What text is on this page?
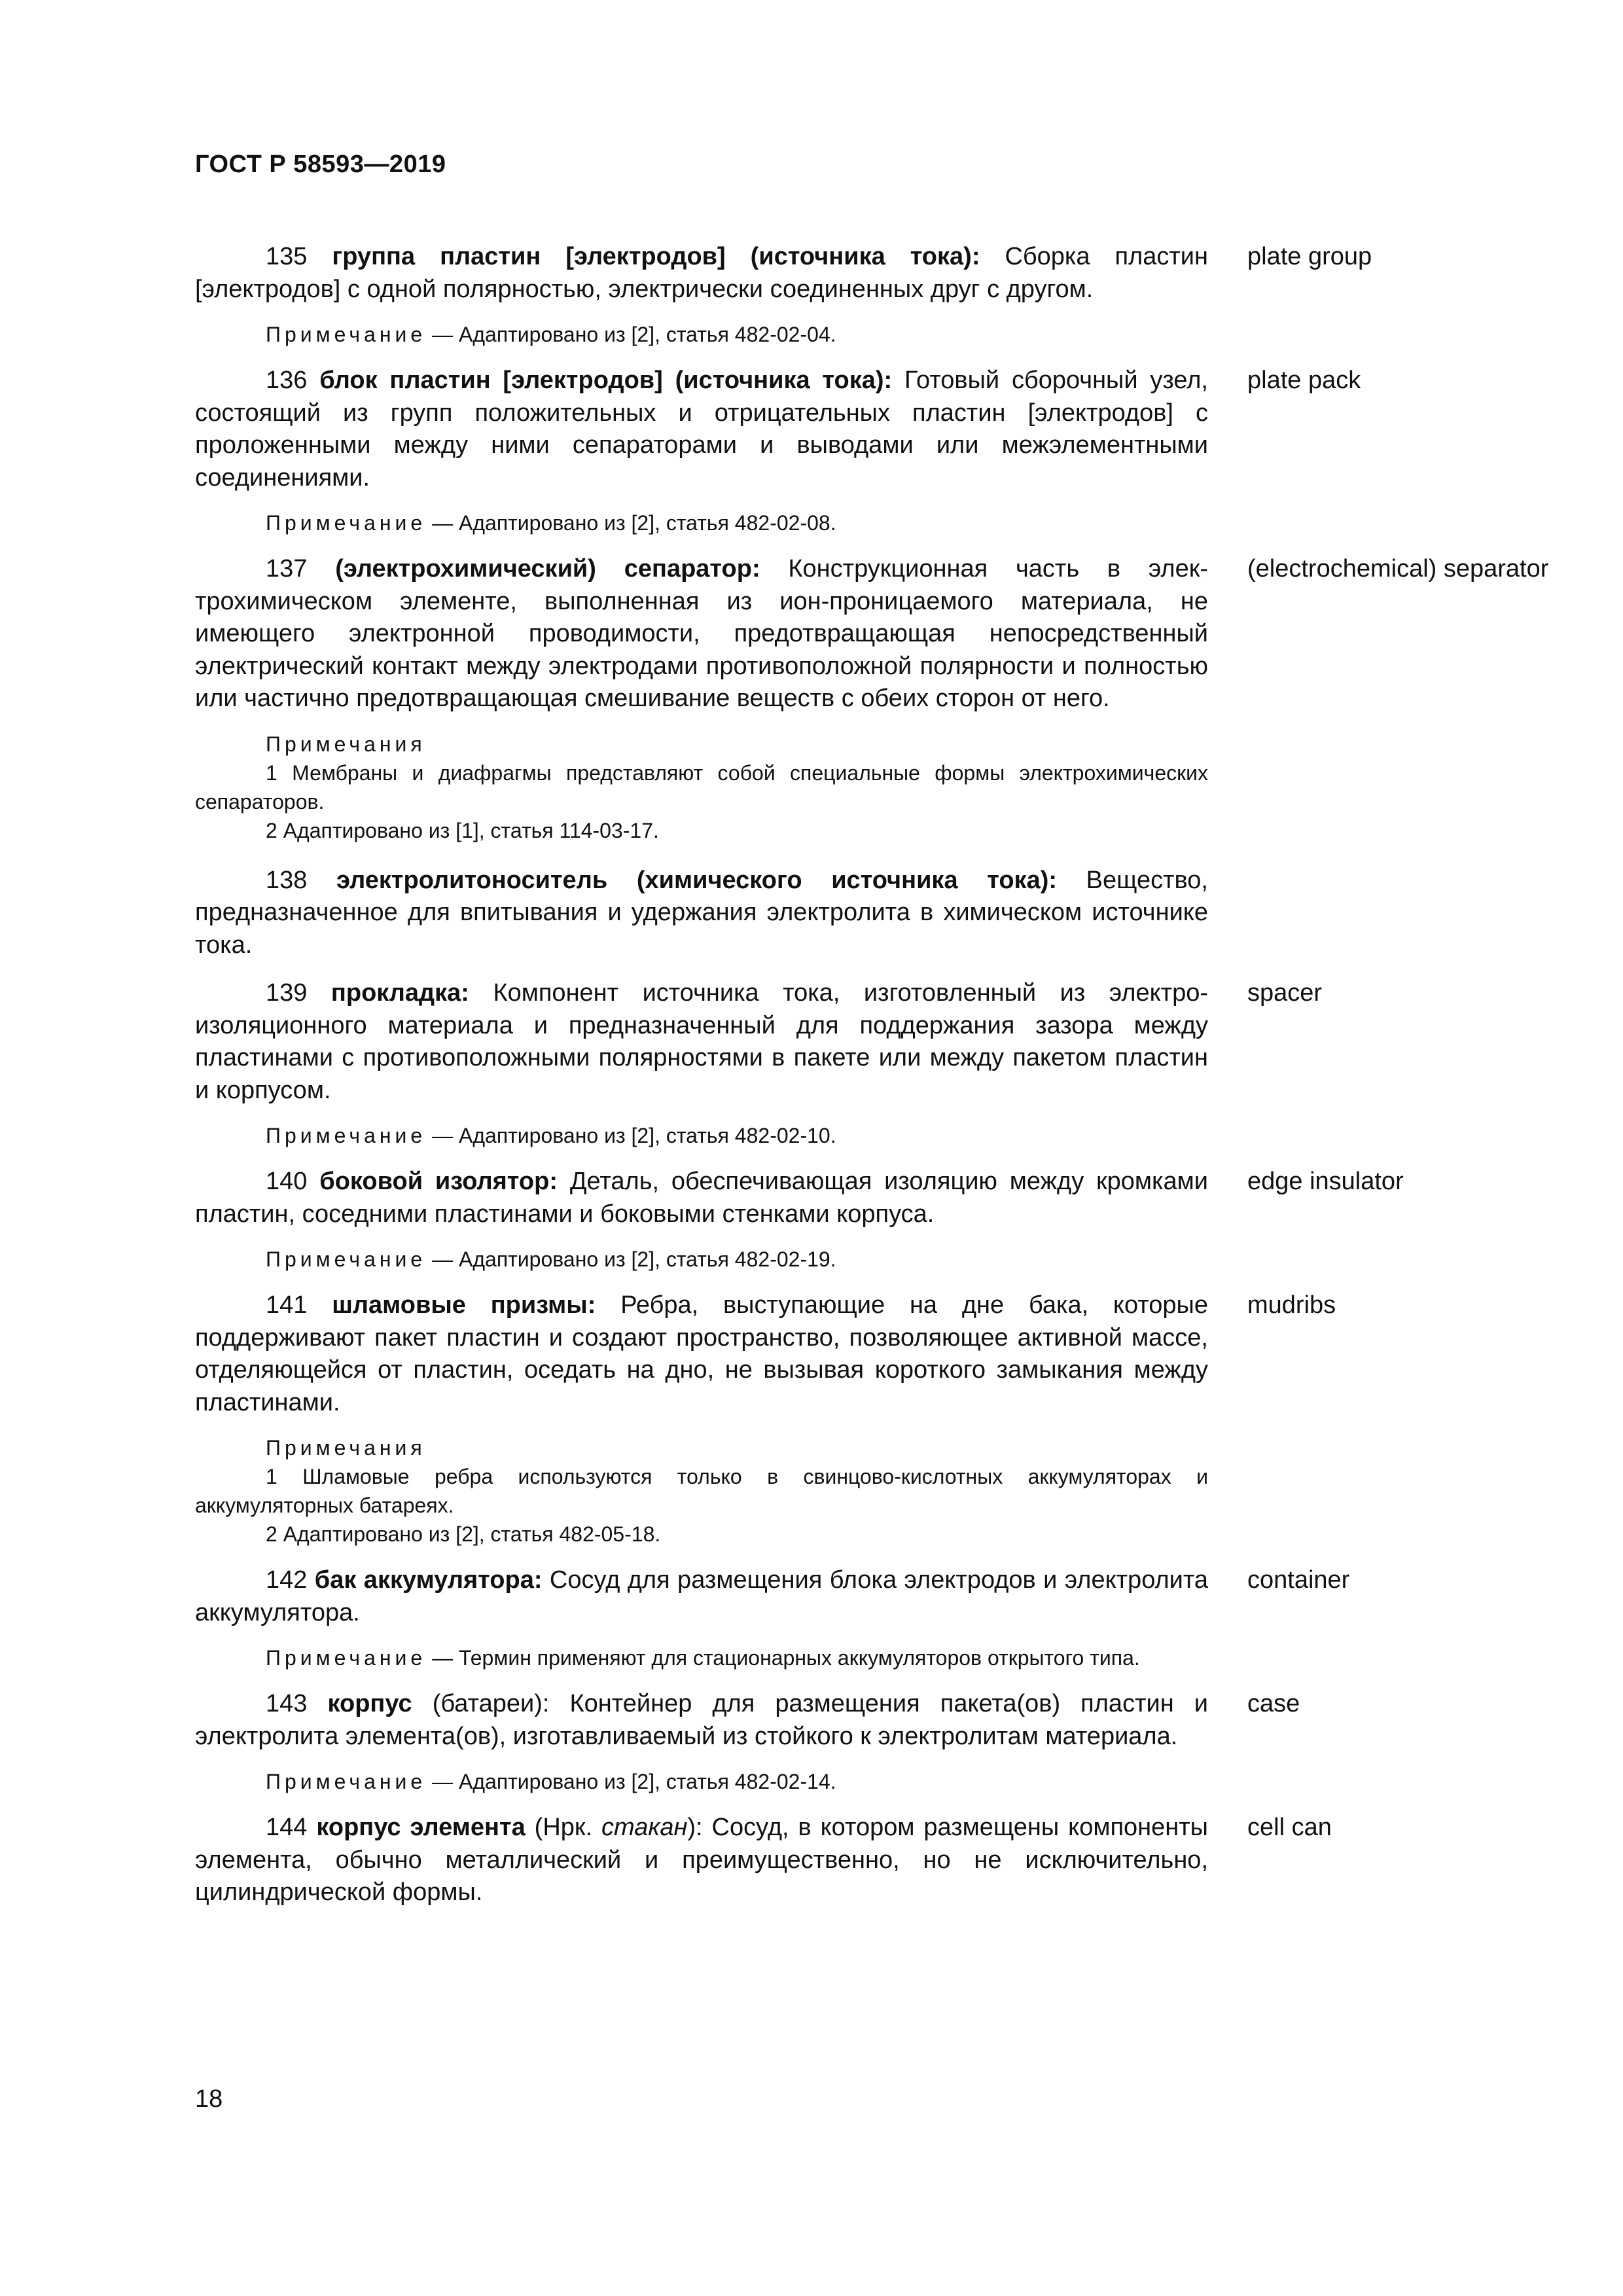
ГОСТ Р 58593—2019

135 группа пластин [электродов] (источника тока): Сборка пластин [электродов] с одной полярностью, электрически соединенных друг с другом.

plate group

Примечание — Адаптировано из [2], статья 482-02-04.

136 блок пластин [электродов] (источника тока): Готовый сборочный узел, состоящий из групп положительных и отрицательных пластин [электродов] с проложенными между ними сепараторами и выводами или межэлементными соединениями.

plate pack

Примечание — Адаптировано из [2], статья 482-02-08.

137 (электрохимический) сепаратор: Конструкционная часть в электрохимическом элементе, выполненная из ион-проницаемого материала, не имеющего электронной проводимости, предотвращающая непосредственный электрический контакт между электродами противоположной полярности и полностью или частично предотвращающая смешивание веществ с обеих сторон от него.

(electrochemical) separator

Примечания

1 Мембраны и диафрагмы представляют собой специальные формы электрохимических сепараторов.

2 Адаптировано из [1], статья 114-03-17.

138 электролитоноситель (химического источника тока): Вещество, предназначенное для впитывания и удержания электролита в химическом источнике тока.

139 прокладка: Компонент источника тока, изготовленный из электроизоляционного материала и предназначенный для поддержания зазора между пластинами с противоположными полярностями в пакете или между пакетом пластин и корпусом.

spacer

Примечание — Адаптировано из [2], статья 482-02-10.

140 боковой изолятор: Деталь, обеспечивающая изоляцию между кромками пластин, соседними пластинами и боковыми стенками корпуса.

edge insulator

Примечание — Адаптировано из [2], статья 482-02-19.

141 шламовые призмы: Ребра, выступающие на дне бака, которые поддерживают пакет пластин и создают пространство, позволяющее активной массе, отделяющейся от пластин, оседать на дно, не вызывая короткого замыкания между пластинами.

mudribs

Примечания

1 Шламовые ребра используются только в свинцово-кислотных аккумуляторах и аккумуляторных батареях.

2 Адаптировано из [2], статья 482-05-18.

142 бак аккумулятора: Сосуд для размещения блока электродов и электролита аккумулятора.

container

Примечание — Термин применяют для стационарных аккумуляторов открытого типа.

143 корпус (батареи): Контейнер для размещения пакета(ов) пластин и электролита элемента(ов), изготавливаемый из стойкого к электролитам материала.

case

Примечание — Адаптировано из [2], статья 482-02-14.

144 корпус элемента (Нрк. стакан): Сосуд, в котором размещены компоненты элемента, обычно металлический и преимущественно, но не исключительно, цилиндрической формы.

cell can
18
